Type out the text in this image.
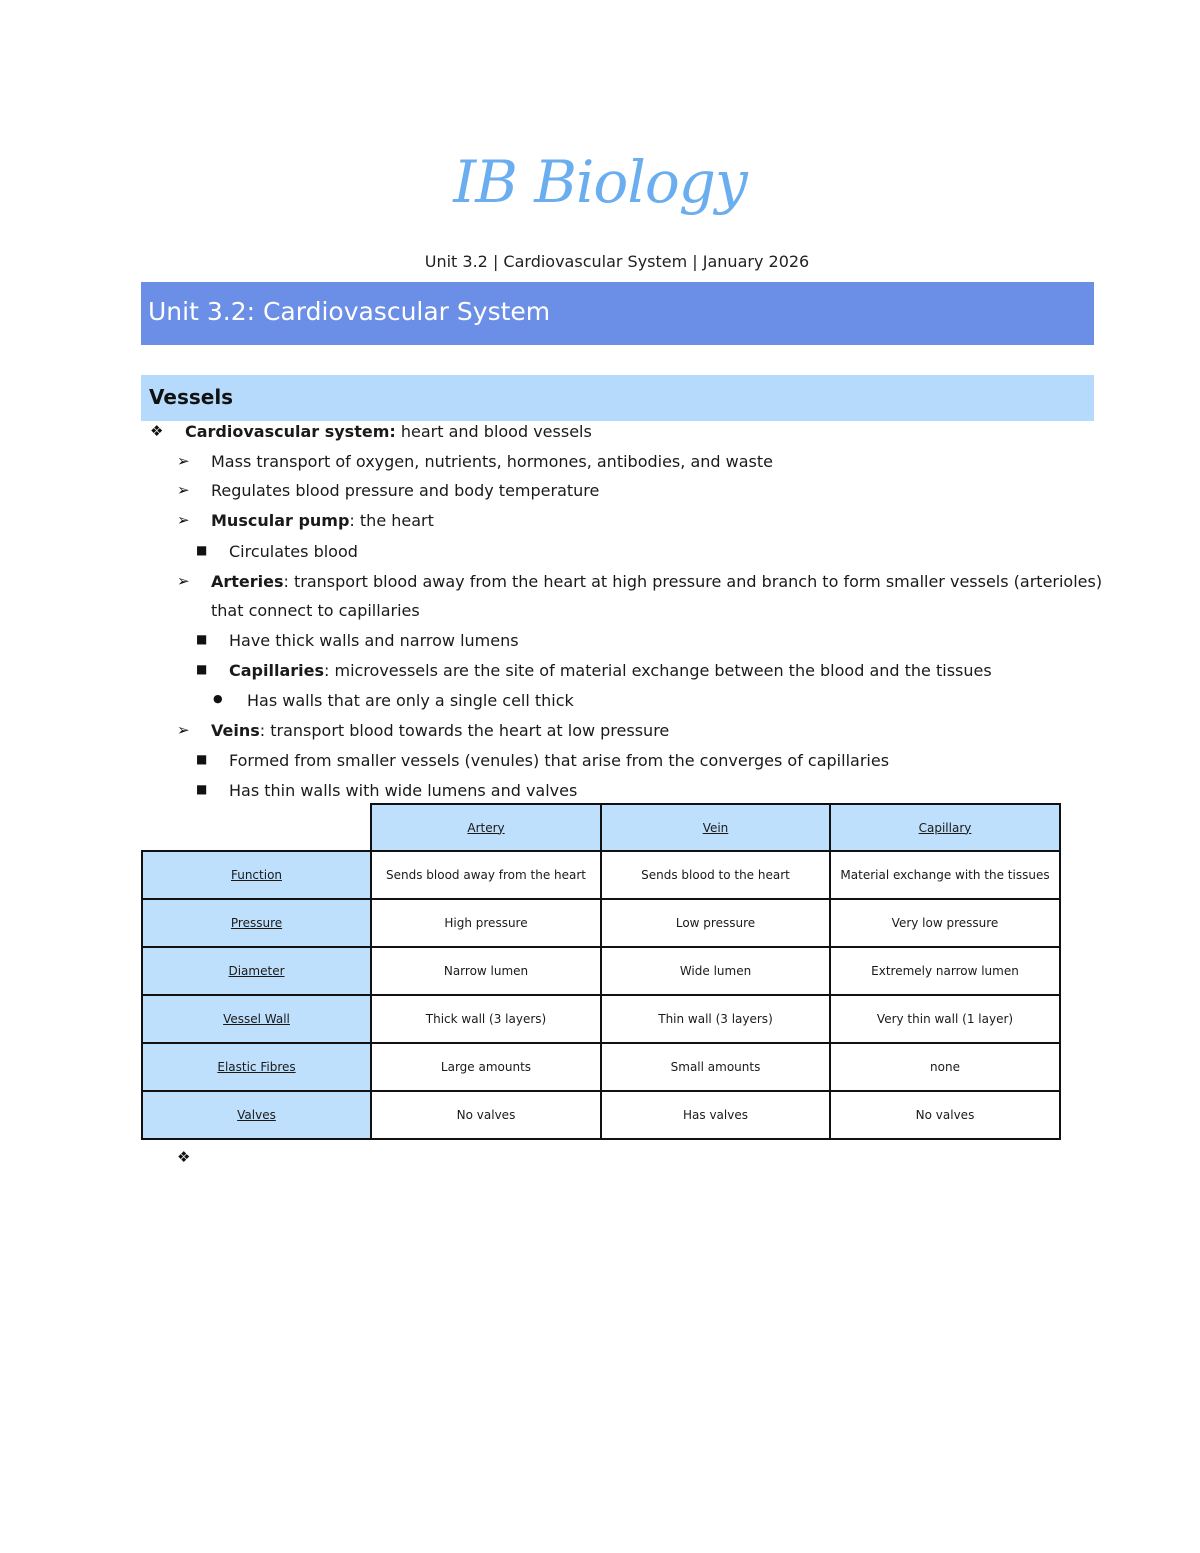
IB Biology
Unit 3.2 | Cardiovascular System | January 2026
Unit 3.2: Cardiovascular System
Vessels
❖ Cardiovascular system: heart and blood vessels
➢ Mass transport of oxygen, nutrients, hormones, antibodies, and waste
➢ Regulates blood pressure and body temperature
➢ Muscular pump: the heart
■ Circulates blood
➢ Arteries: transport blood away from the heart at high pressure and branch to form smaller vessels (arterioles)
that connect to capillaries
■ Have thick walls and narrow lumens
■ Capillaries: microvessels are the site of material exchange between the blood and the tissues
● Has walls that are only a single cell thick
➢ Veins: transport blood towards the heart at low pressure
■ Formed from smaller vessels (venules) that arise from the converges of capillaries
■ Has thin walls with wide lumens and valves
	Artery	Vein	Capillary
Function	Sends blood away from the heart	Sends blood to the heart	Material exchange with the tissues
Pressure	High pressure	Low pressure	Very low pressure
Diameter	Narrow lumen	Wide lumen	Extremely narrow lumen
Vessel Wall	Thick wall (3 layers)	Thin wall (3 layers)	Very thin wall (1 layer)
Elastic Fibres	Large amounts	Small amounts	none
Valves	No valves	Has valves	No valves
❖
